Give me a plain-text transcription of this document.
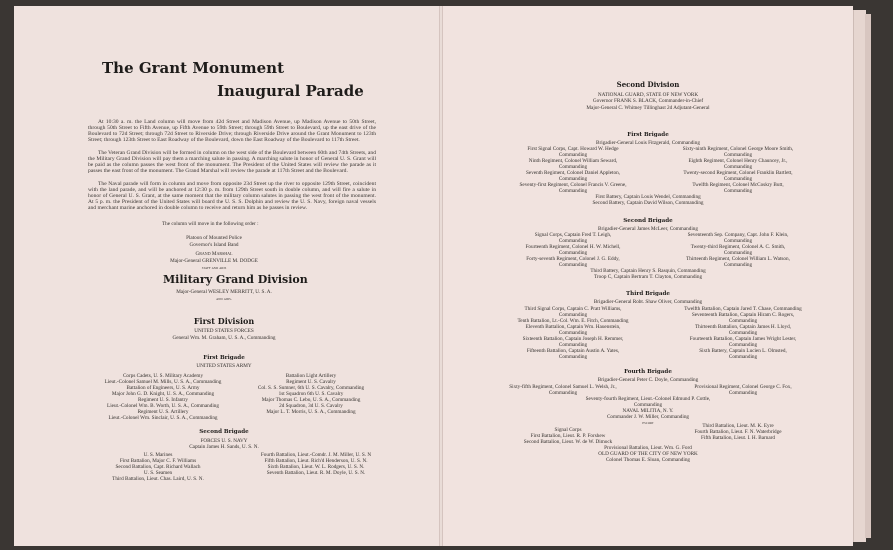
The Grant Monument
Inaugural Parade
At 10:30 a. m. the Land column will move from 42d Street and Madison Avenue, up Madison Avenue to 50th Street, through 50th Street to Fifth Avenue, up Fifth Avenue to 59th Street; through 59th Street to Boulevard, up the east drive of the Boulevard to 72d Street; through 72d Street to Riverside Drive; through Riverside Drive around the Grant Monument to 123th Street; through 123th Street to East Roadway of the Boulevard, down the East Roadway of the Boulevard to 117th Street.
The Veteran Grand Division will be formed in column on the west side of the Boulevard between 60th and 74th Streets, and the Military Grand Division will pay them a marching salute in passing. A marching salute in honor of General U. S. Grant will be paid as the column passes the west front of the monument. The President of the United States will review the parade as it passes the east front of the monument. The Grand Marshal will review the parade at 117th Street and the Boulevard.
The Naval parade will form in column and move from opposite 23d Street up the river to opposite 129th Street, coincident with the land parade, and will be anchored at 12:30 p. m. from 129th Street south in double column, and will fire a salute in honor of General U. S. Grant, at the same moment that the military column salutes in passing the west front of the monument. At 5 p. m. the President of the United States will board the U. S. S. Dolphin and review the U. S. Navy, foreign naval vessels and merchant marine anchored in double column to receive and return him as he passes in review.
The column will move in the following order :
Platoon of Mounted Police
Governor's Island Band
Grand Marshal
Major-General GRENVILLE M. DODGE
staff and aids
Military Grand Division
Major-General WESLEY MERRITT, U. S. A.
and aids.
First Division
UNITED STATES FORCES
General Wm. M. Graham, U. S. A., Commanding
First Brigade
UNITED STATES ARMY
Corps Cadets, U. S. Military Academy
Lieut.-Colonel Samuel M. Mills, U. S. A., Commanding
Battalion of Engineers, U. S. Army
Major John G. D. Knight, U. S. A., Commanding
Regiment U. S. Infantry
Lieut.-Colonel Wm. B. Worth, U. S. A., Commanding
Regiment U. S. Artillery
Lieut.-Colonel Wm. Sinclair, U. S. A., Commanding
Battalion Light Artillery
Regiment U. S. Cavalry
Col. S. S. Sumner, 6th U. S. Cavalry, Commanding
1st Squadron 6th U. S. Cavalry
Major Thomas C. Lebo, U. S. A., Commanding
2d Squadron, 3d U. S. Cavalry
Major L. T. Morris, U. S. A., Commanding
Second Brigade
FORCES U. S. NAVY
Captain James H. Sands, U. S. N.
U. S. Marines
First Battalion, Major C. F. Williams
Second Battalion, Capt. Richard Wallach
U. S. Seamen
Third Battalion, Lieut. Chas. Laird, U. S. N.
Fourth Battalion, Lieut.-Comdr. J. M. Miller, U. S. N
Fifth Battalion, Lieut. Rich'd Henderson, U. S. N.
Sixth Battalion, Lieut. W. L. Rodgers, U. S. N.
Seventh Battalion, Lieut. R. M. Doyle, U. S. N.
Second Division
NATIONAL GUARD, STATE OF NEW YORK
Governor FRANK S. BLACK, Commander-in-Chief
Major-General C. Whitney Tillinghast 2d Adjutant-General
First Brigade
Brigadier-General Louis Fitzgerald, Commanding
First Signal Corps, Capt. Howard W. Hedge
Commanding
Ninth Regiment, Colonel William Seward,
Commanding
Seventh Regiment, Colonel Daniel Appleton,
Commanding
Seventy-first Regiment, Colonel Francis V. Greene,
Commanding
Sixty-ninth Regiment, Colonel George Moore Smith,
Commanding
Eighth Regiment, Colonel Henry Chauncey, Jr.,
Commanding
Twenty-second Regiment, Colonel Franklin Bartlett,
Commanding
Twelfth Regiment, Colonel McCoskry Butt,
Commanding
First Battery, Captain Louis Wendel, Commanding
Second Battery, Captain David Wilson, Commanding
Second Brigade
Brigadier-General James McLeer, Commanding
Signal Corps, Captain Fred T. Leigh,
Commanding
Fourteenth Regiment, Colonel H. W. Michell,
Commanding
Forty-seventh Regiment, Colonel J. G. Eddy,
Commanding
Seventeenth Sep. Company, Capt. John F. Klein,
Commanding
Twenty-third Regiment, Colonel A. C. Smith,
Commanding
Thirteenth Regiment, Colonel William L. Watson,
Commanding
Third Battery, Captain Henry S. Rasquin, Commanding
Troop C, Captain Bertram T. Clayton, Commanding
Third Brigade
Brigadier-General Robt. Shaw Oliver, Commanding
Third Signal Corps, Captain C. Pratt Williams,
Commanding
Tenth Battalion, Lt.-Col. Wm. E. Fitch, Commanding
Eleventh Battalion, Captain Wm. Hauenstein,
Commanding
Sixteenth Battalion, Captain Joseph H. Remmer,
Commanding
Fifteenth Battalion, Captain Austin A. Yates,
Commanding
Twelfth Battalion, Captain Jared T. Chase, Commanding
Seventeenth Battalion, Captain Hiram C. Rogers,
Commanding
Thirteenth Battalion, Captain James H. Lloyd,
Commanding
Fourteenth Battalion, Captain James Wright Lester,
Commanding
Sixth Battery, Captain Lucien L. Olmsted,
Commanding
Fourth Brigade
Brigadier-General Peter C. Doyle, Commanding
Sixty-fifth Regiment, Colonel Samuel L. Welsh, Jr.,
Commanding
Provisional Regiment, Colonel George C. Fox,
Commanding
Seventy-fourth Regiment, Lieut.-Colonel Edmund P. Cottle,
Commanding
NAVAL MILITIA, N. Y.
Commander J. W. Miller, Commanding
escort
Signal Corps
First Battalion, Lieut. R. P. Forshew
Second Battalion, Lieut. W. de W. Dimock
Third Battalion, Lieut. M. K. Eyre
Fourth Battalion, Lieut. F. N. Waterbridge
Fifth Battalion, Lieut. I. H. Barnard
Provisional Battalion, Lieut. Wm. G. Ford
OLD GUARD OF THE CITY OF NEW YORK
Colonel Thomas E. Sloan, Commanding
